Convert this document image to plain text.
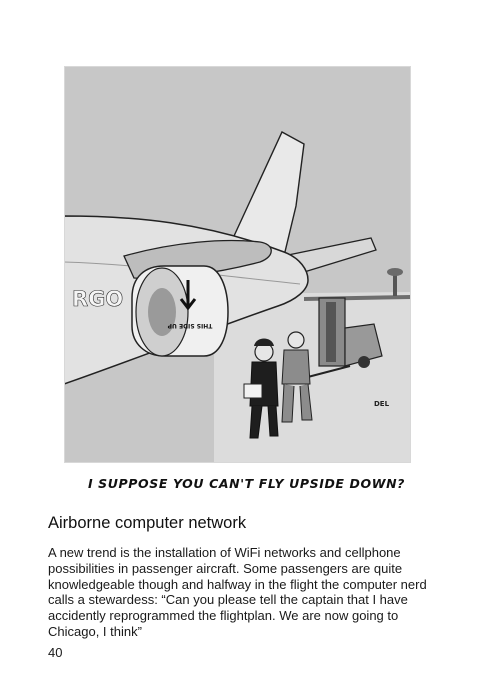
THIS SIDE UP
RGO
DEL
I SUPPOSE YOU CAN'T FLY UPSIDE DOWN?
Airborne computer network

A new trend is the installation of WiFi networks and cellphone
possibilities in passenger aircraft. Some passengers are quite
knowledgeable though and halfway in the flight the computer nerd
calls a stewardess: “Can you please tell the captain that I have
accidently reprogrammed the flightplan. We are now going to
Chicago, I think”

40
